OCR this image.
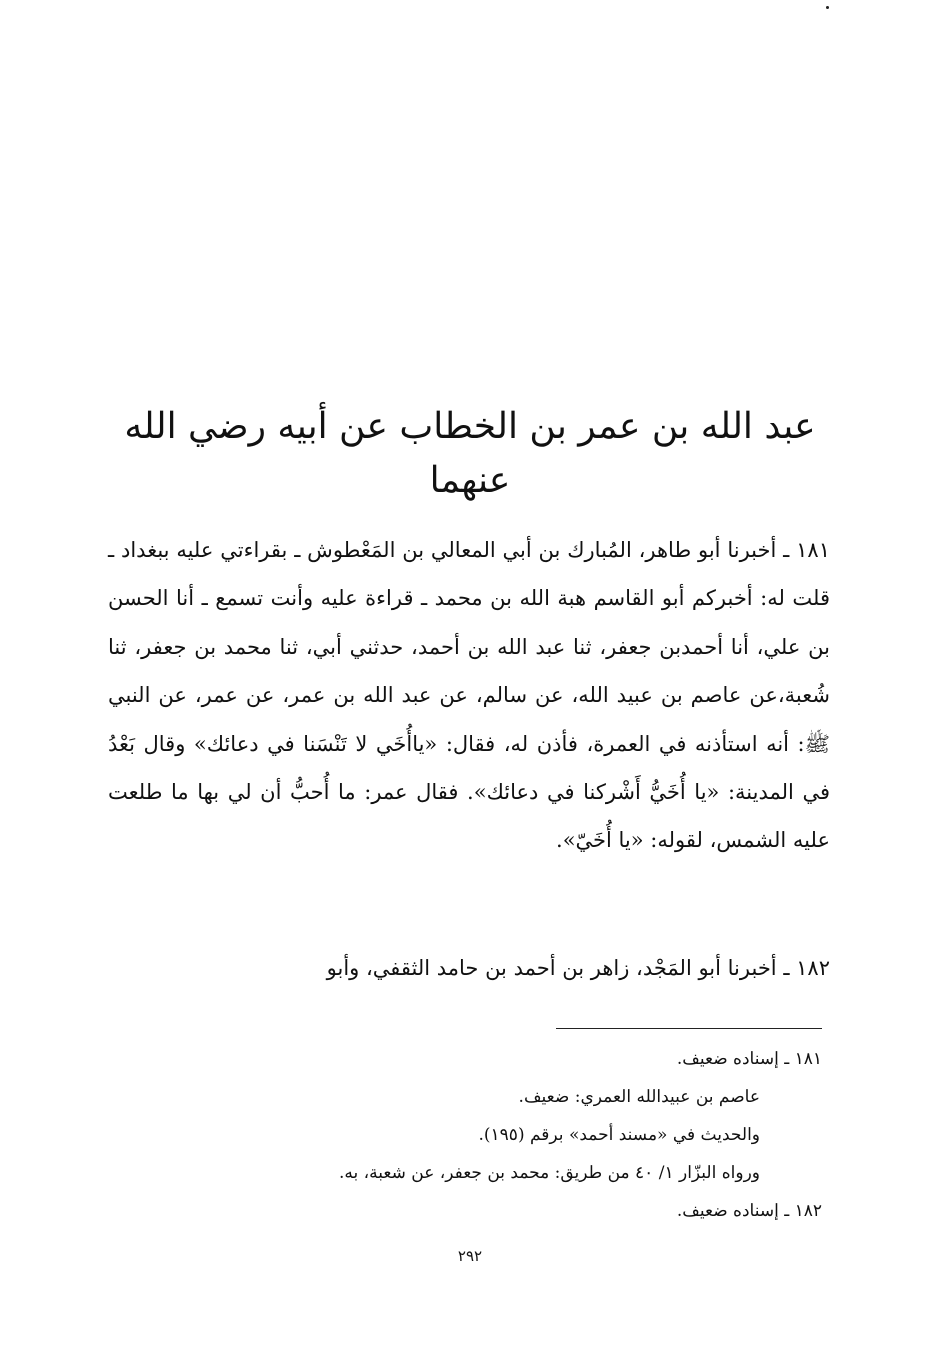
عبد الله بن عمر بن الخطاب عن أبيه رضي الله
عنهما

١٨١ ـ أخبرنا أبو طاهر، المُبارك بن أبي المعالي بن المَعْطوش ـ بقراءتي عليه ببغداد ـ قلت له: أخبركم أبو القاسم هبة الله بن محمد ـ قراءة عليه وأنت تسمع ـ أنا الحسن بن علي، أنا أحمدبن جعفر، ثنا عبد الله بن أحمد، حدثني أبي، ثنا محمد بن جعفر، ثنا شُعبة،عن عاصم بن عبيد الله، عن سالم، عن عبد الله بن عمر، عن عمر، عن النبي ﷺ: أنه استأذنه في العمرة، فأذن له، فقال: «ياأُخَي لا تَنْسَنا في دعائك» وقال بَعْدُ في المدينة: «يا أُخَيُّ أَشْركنا في دعائك». فقال عمر: ما أُحبُّ أن لي بها ما طلعت عليه الشمس، لقوله: «يا أُخَيّ».

١٨٢ ـ أخبرنا أبو المَجْد، زاهر بن أحمد بن حامد الثقفي، وأبو

١٨١ ـ إسناده ضعيف.
عاصم بن عبيدالله العمري: ضعيف.
والحديث في «مسند أحمد» برقم (١٩٥).
ورواه البزّار ١/ ٤٠ من طريق: محمد بن جعفر، عن شعبة، به.
١٨٢ ـ إسناده ضعيف.
٢٩٢
